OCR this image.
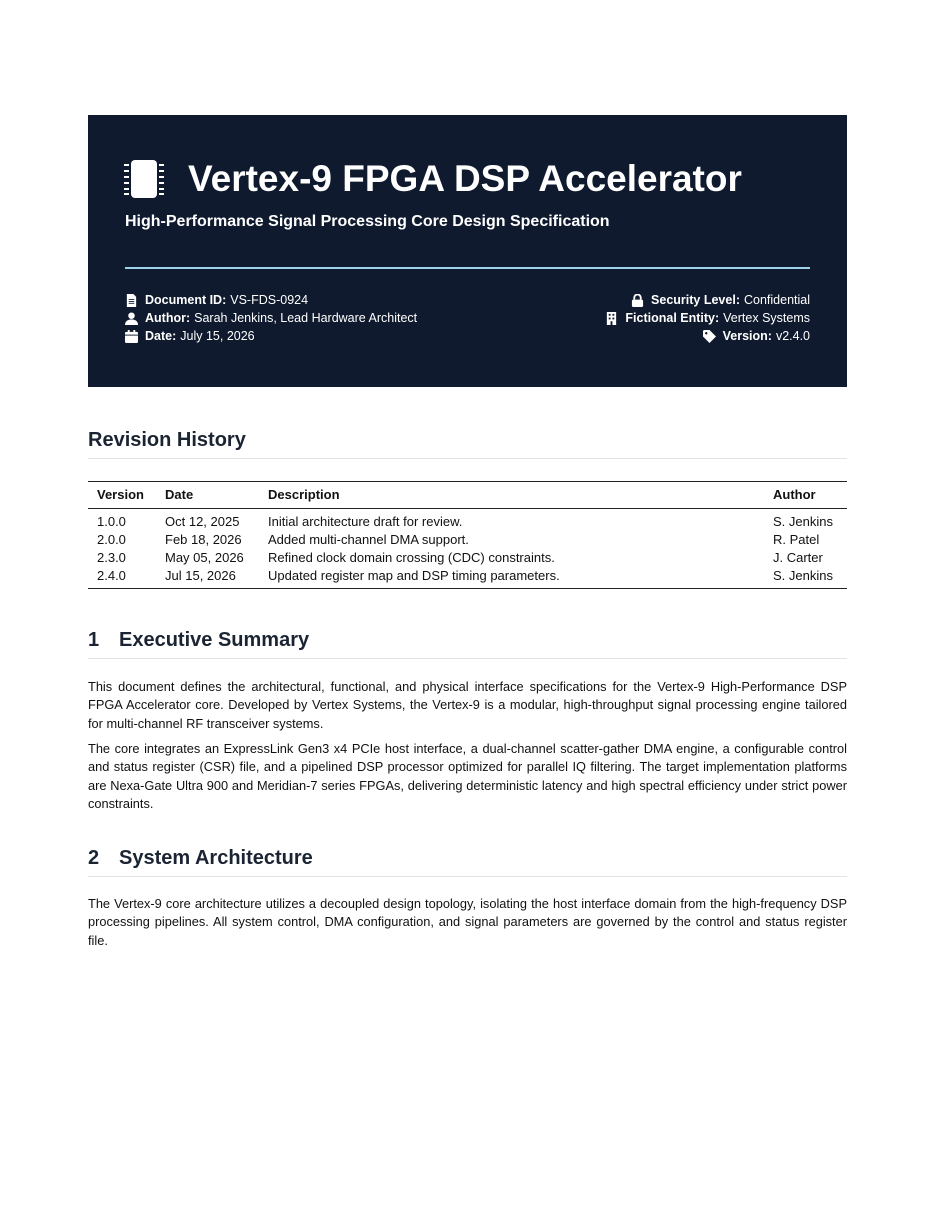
Vertex-9 FPGA DSP Accelerator
High-Performance Signal Processing Core Design Specification
Document ID: VS-FDS-0924
Author: Sarah Jenkins, Lead Hardware Architect
Date: July 15, 2026
Security Level: Confidential
Fictional Entity: Vertex Systems
Version: v2.4.0
Revision History
Version	Date	Description	Author
1.0.0	Oct 12, 2025	Initial architecture draft for review.	S. Jenkins
2.0.0	Feb 18, 2026	Added multi-channel DMA support.	R. Patel
2.3.0	May 05, 2026	Refined clock domain crossing (CDC) constraints.	J. Carter
2.4.0	Jul 15, 2026	Updated register map and DSP timing parameters.	S. Jenkins
1 Executive Summary

This document defines the architectural, functional, and physical interface specifications for the Vertex-9 High-Performance DSP FPGA Accelerator core. Developed by Vertex Systems, the Vertex-9 is a modular, high-throughput signal processing engine tailored for multi-channel RF transceiver systems.

The core integrates an ExpressLink Gen3 x4 PCIe host interface, a dual-channel scatter-gather DMA engine, a configurable control and status register (CSR) file, and a pipelined DSP processor optimized for parallel IQ filtering. The target implementation platforms are Nexa-Gate Ultra 900 and Meridian-7 series FPGAs, delivering deterministic latency and high spectral efficiency under strict power constraints.

2 System Architecture

The Vertex-9 core architecture utilizes a decoupled design topology, isolating the host interface domain from the high-frequency DSP processing pipelines. All system control, DMA configuration, and signal parameters are governed by the control and status register file.
